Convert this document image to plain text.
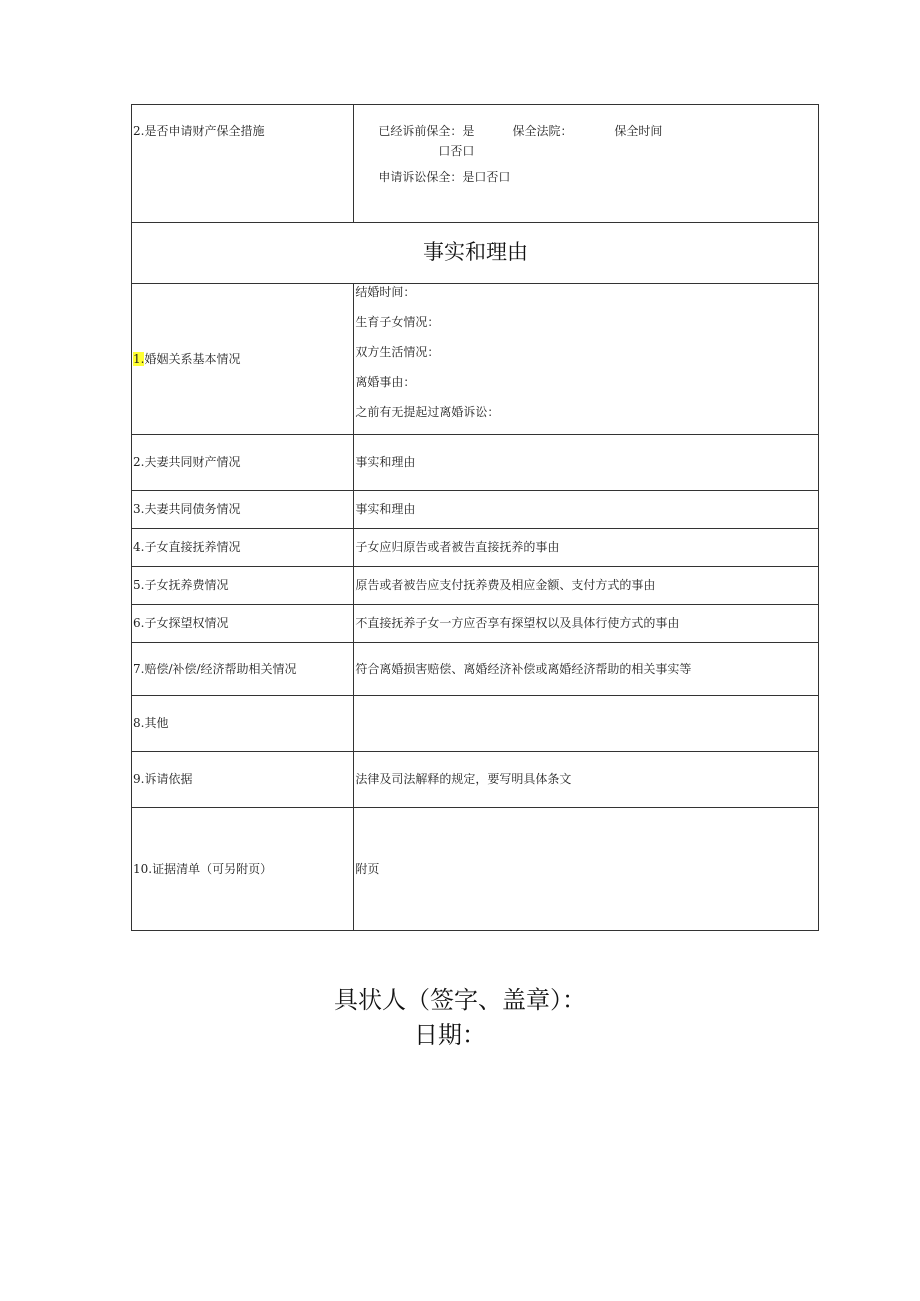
2.是否申请财产保全措施	已经诉前保全：是          保全法院：           保全时间
口否口
申请诉讼保全：是口否口

事实和理由	
1.婚姻关系基本情况	结婚时间：
生育子女情况：
双方生活情况：
离婚事由：
之前有无提起过离婚诉讼：

2.夫妻共同财产情况	事实和理由
3.夫妻共同债务情况	事实和理由
4.子女直接抚养情况	子女应归原告或者被告直接抚养的事由
5.子女抚养费情况	原告或者被告应支付抚养费及相应金额、支付方式的事由
6.子女探望权情况	不直接抚养子女一方应否享有探望权以及具体行使方式的事由
7.赔偿/补偿/经济帮助相关情况	符合离婚损害赔偿、离婚经济补偿或离婚经济帮助的相关事实等
8.其他	
9.诉请依据	法律及司法解释的规定，要写明具体条文
10.证据清单（可另附页）	附页
具状人（签字、盖章）：
日期：
